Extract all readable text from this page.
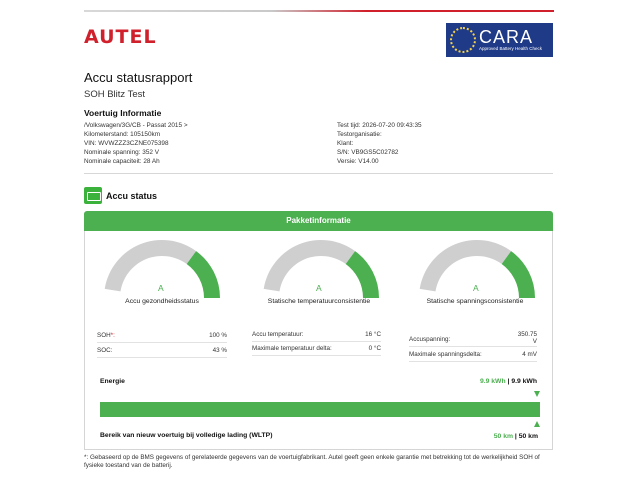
AUTEL	CARA
Approved Battery Health Check
Accu statusrapport
SOH Blitz Test
Voertuig Informatie
/Volkswagen/3G/CB - Passat 2015 >
Kilometerstand: 105150km
VIN: WVWZZZ3CZNE075398
Nominale spanning: 352 V
Nominale capaciteit: 28 Ah
Test tijd: 2026-07-20 09:43:35
Testorganisatie:
Klant:
S/N: VB9GS5C02782
Versie: V14.00
Accu status
Pakketinformatie
A
Accu gezondheidsstatus
A
Statische temperatuurconsistentie
A
Statische spanningsconsistentie
SOH*:	100 %
SOC:	43 %
Accu temperatuur:	16 °C
Maximale temperatuur delta:	0 °C
Accuspanning:
350.75
V
Maximale spanningsdelta:	4 mV
Energie	9.9 kWh | 9.9 kWh
Bereik van nieuw voertuig bij volledige lading (WLTP)	50 km | 50 km
*: Gebaseerd op de BMS gegevens of gerelateerde gegevens van de voertuigfabrikant. Autel geeft geen enkele garantie met betrekking tot de werkelijkheid SOH of fysieke toestand van de batterij.
